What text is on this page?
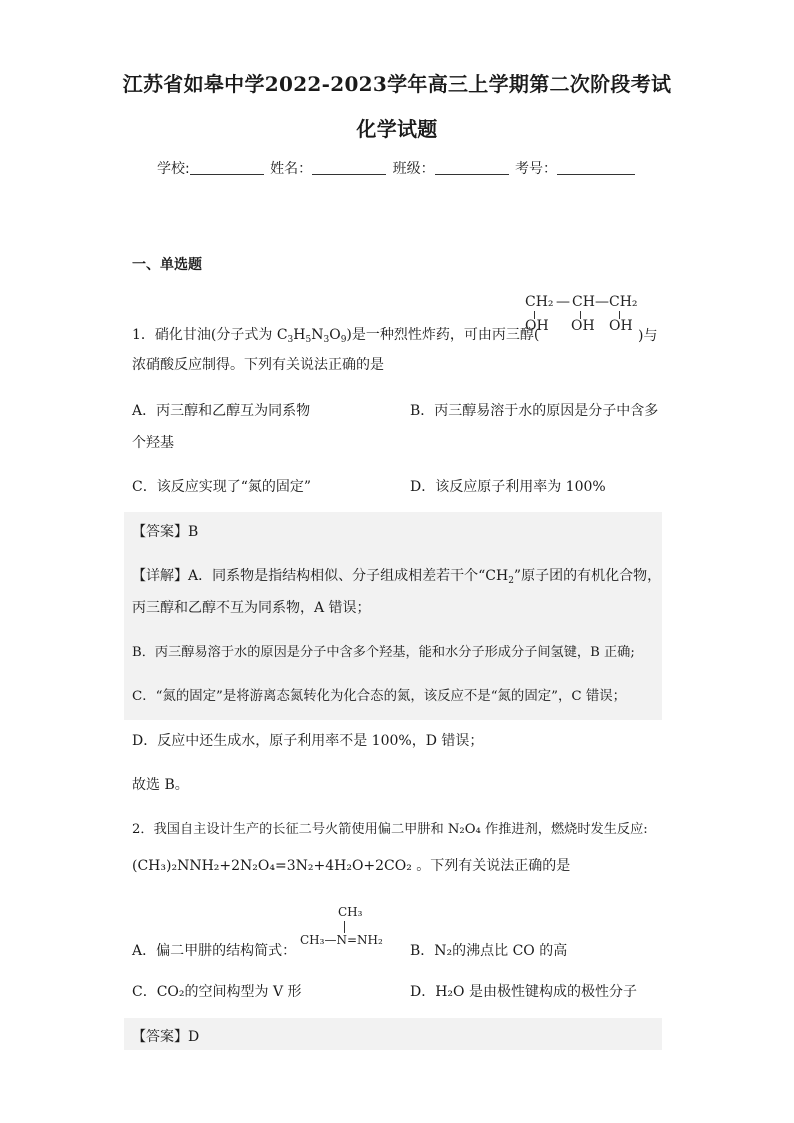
江苏省如皋中学2022-2023学年高三上学期第二次阶段考试
化学试题
学校:	姓名：	班级：	考号：
一、单选题
CH₂ — CH — CH₂
OH OH OH
1．硝化甘油(分子式为 $C_3H_5N_3O_9$)是一种烈性炸药，可由丙三醇(	)与
浓硝酸反应制得。下列有关说法正确的是
A．丙三醇和乙醇互为同系物	B．丙三醇易溶于水的原因是分子中含多
个羟基
C．该反应实现了“氮的固定”	D．该反应原子利用率为 100%
【答案】B
【详解】A．同系物是指结构相似、分子组成相差若干个“$CH_2$”原子团的有机化合物，
丙三醇和乙醇不互为同系物，A 错误；
B．丙三醇易溶于水的原因是分子中含多个羟基，能和水分子形成分子间氢键，B 正确;
C．“氮的固定”是将游离态氮转化为化合态的氮，该反应不是“氮的固定”，C 错误；
D．反应中还生成水，原子利用率不是 100%，D 错误；
故选 B。
2．我国自主设计生产的长征二号火箭使用偏二甲肼和 N₂O₄ 作推进剂，燃烧时发生反应:
(CH₃)₂NNH₂+2N₂O₄=3N₂+4H₂O+2CO₂ 。下列有关说法正确的是
A．偏二甲肼的结构简式：
CH₃
CH₃—N=NH₂
B．N₂的沸点比 CO 的高
C．CO₂的空间构型为 V 形	D．H₂O 是由极性键构成的极性分子
【答案】D
